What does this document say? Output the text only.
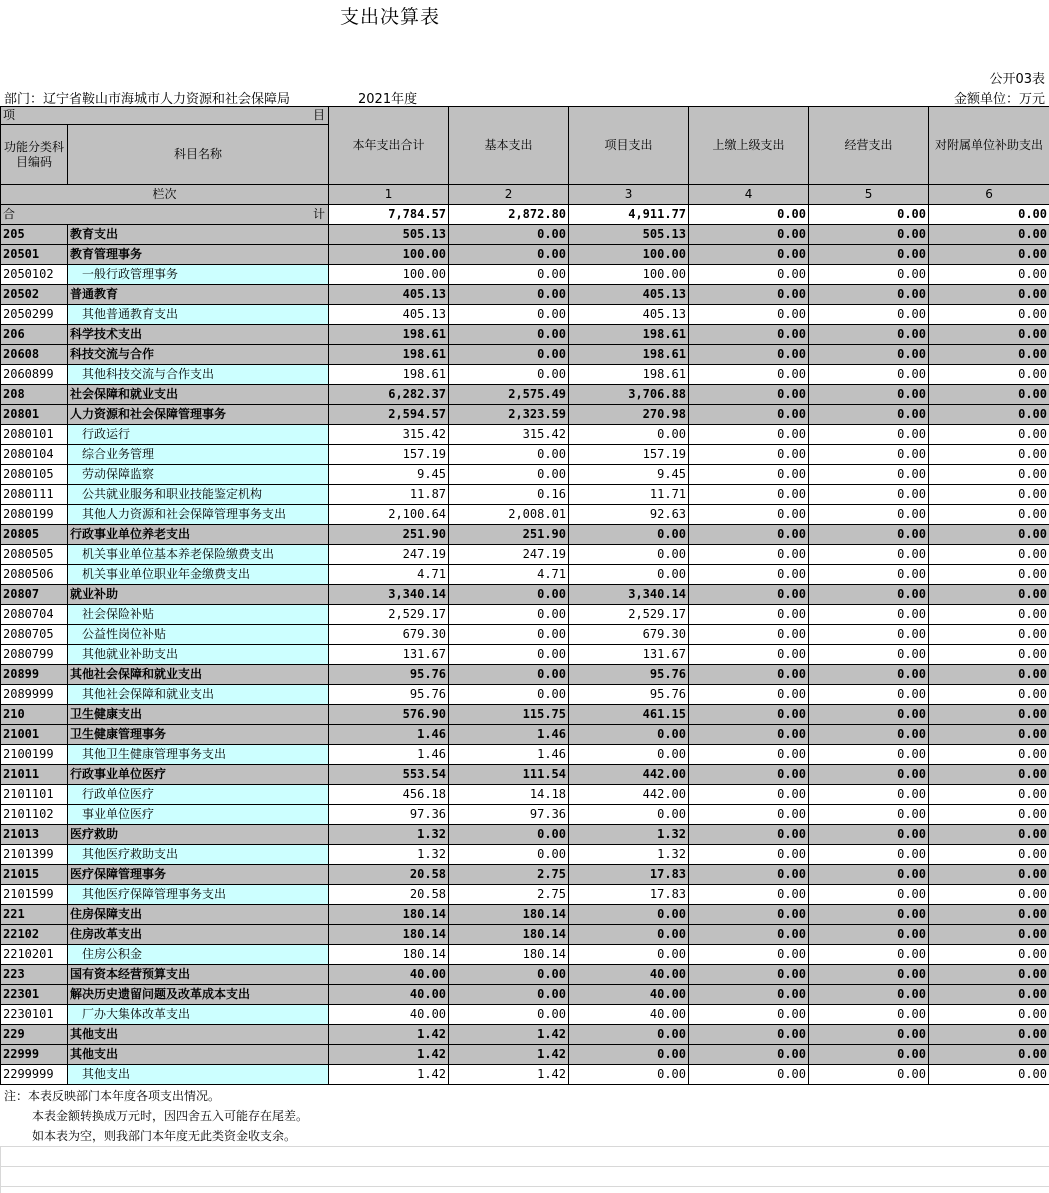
支出决算表
公开03表
部门：辽宁省鞍山市海城市人力资源和社会保障局	2021年度	金额单位：万元
项 目		本年支出合计	基本支出	项目支出	上缴上级支出	经营支出	对附属单位补助支出
功能分类科目编码	科目名称						
栏次		1	2	3	4	5	6
合 计		7,784.57	2,872.80	4,911.77	0.00	0.00	0.00
205	教育支出	505.13	0.00	505.13	0.00	0.00	0.00
20501	教育管理事务	100.00	0.00	100.00	0.00	0.00	0.00
2050102	一般行政管理事务	100.00	0.00	100.00	0.00	0.00	0.00
20502	普通教育	405.13	0.00	405.13	0.00	0.00	0.00
2050299	其他普通教育支出	405.13	0.00	405.13	0.00	0.00	0.00
206	科学技术支出	198.61	0.00	198.61	0.00	0.00	0.00
20608	科技交流与合作	198.61	0.00	198.61	0.00	0.00	0.00
2060899	其他科技交流与合作支出	198.61	0.00	198.61	0.00	0.00	0.00
208	社会保障和就业支出	6,282.37	2,575.49	3,706.88	0.00	0.00	0.00
20801	人力资源和社会保障管理事务	2,594.57	2,323.59	270.98	0.00	0.00	0.00
2080101	行政运行	315.42	315.42	0.00	0.00	0.00	0.00
2080104	综合业务管理	157.19	0.00	157.19	0.00	0.00	0.00
2080105	劳动保障监察	9.45	0.00	9.45	0.00	0.00	0.00
2080111	公共就业服务和职业技能鉴定机构	11.87	0.16	11.71	0.00	0.00	0.00
2080199	其他人力资源和社会保障管理事务支出	2,100.64	2,008.01	92.63	0.00	0.00	0.00
20805	行政事业单位养老支出	251.90	251.90	0.00	0.00	0.00	0.00
2080505	机关事业单位基本养老保险缴费支出	247.19	247.19	0.00	0.00	0.00	0.00
2080506	机关事业单位职业年金缴费支出	4.71	4.71	0.00	0.00	0.00	0.00
20807	就业补助	3,340.14	0.00	3,340.14	0.00	0.00	0.00
2080704	社会保险补贴	2,529.17	0.00	2,529.17	0.00	0.00	0.00
2080705	公益性岗位补贴	679.30	0.00	679.30	0.00	0.00	0.00
2080799	其他就业补助支出	131.67	0.00	131.67	0.00	0.00	0.00
20899	其他社会保障和就业支出	95.76	0.00	95.76	0.00	0.00	0.00
2089999	其他社会保障和就业支出	95.76	0.00	95.76	0.00	0.00	0.00
210	卫生健康支出	576.90	115.75	461.15	0.00	0.00	0.00
21001	卫生健康管理事务	1.46	1.46	0.00	0.00	0.00	0.00
2100199	其他卫生健康管理事务支出	1.46	1.46	0.00	0.00	0.00	0.00
21011	行政事业单位医疗	553.54	111.54	442.00	0.00	0.00	0.00
2101101	行政单位医疗	456.18	14.18	442.00	0.00	0.00	0.00
2101102	事业单位医疗	97.36	97.36	0.00	0.00	0.00	0.00
21013	医疗救助	1.32	0.00	1.32	0.00	0.00	0.00
2101399	其他医疗救助支出	1.32	0.00	1.32	0.00	0.00	0.00
21015	医疗保障管理事务	20.58	2.75	17.83	0.00	0.00	0.00
2101599	其他医疗保障管理事务支出	20.58	2.75	17.83	0.00	0.00	0.00
221	住房保障支出	180.14	180.14	0.00	0.00	0.00	0.00
22102	住房改革支出	180.14	180.14	0.00	0.00	0.00	0.00
2210201	住房公积金	180.14	180.14	0.00	0.00	0.00	0.00
223	国有资本经营预算支出	40.00	0.00	40.00	0.00	0.00	0.00
22301	解决历史遗留问题及改革成本支出	40.00	0.00	40.00	0.00	0.00	0.00
2230101	厂办大集体改革支出	40.00	0.00	40.00	0.00	0.00	0.00
229	其他支出	1.42	1.42	0.00	0.00	0.00	0.00
22999	其他支出	1.42	1.42	0.00	0.00	0.00	0.00
2299999	其他支出	1.42	1.42	0.00	0.00	0.00	0.00
注：本表反映部门本年度各项支出情况。
本表金额转换成万元时，因四舍五入可能存在尾差。
如本表为空，则我部门本年度无此类资金收支余。
